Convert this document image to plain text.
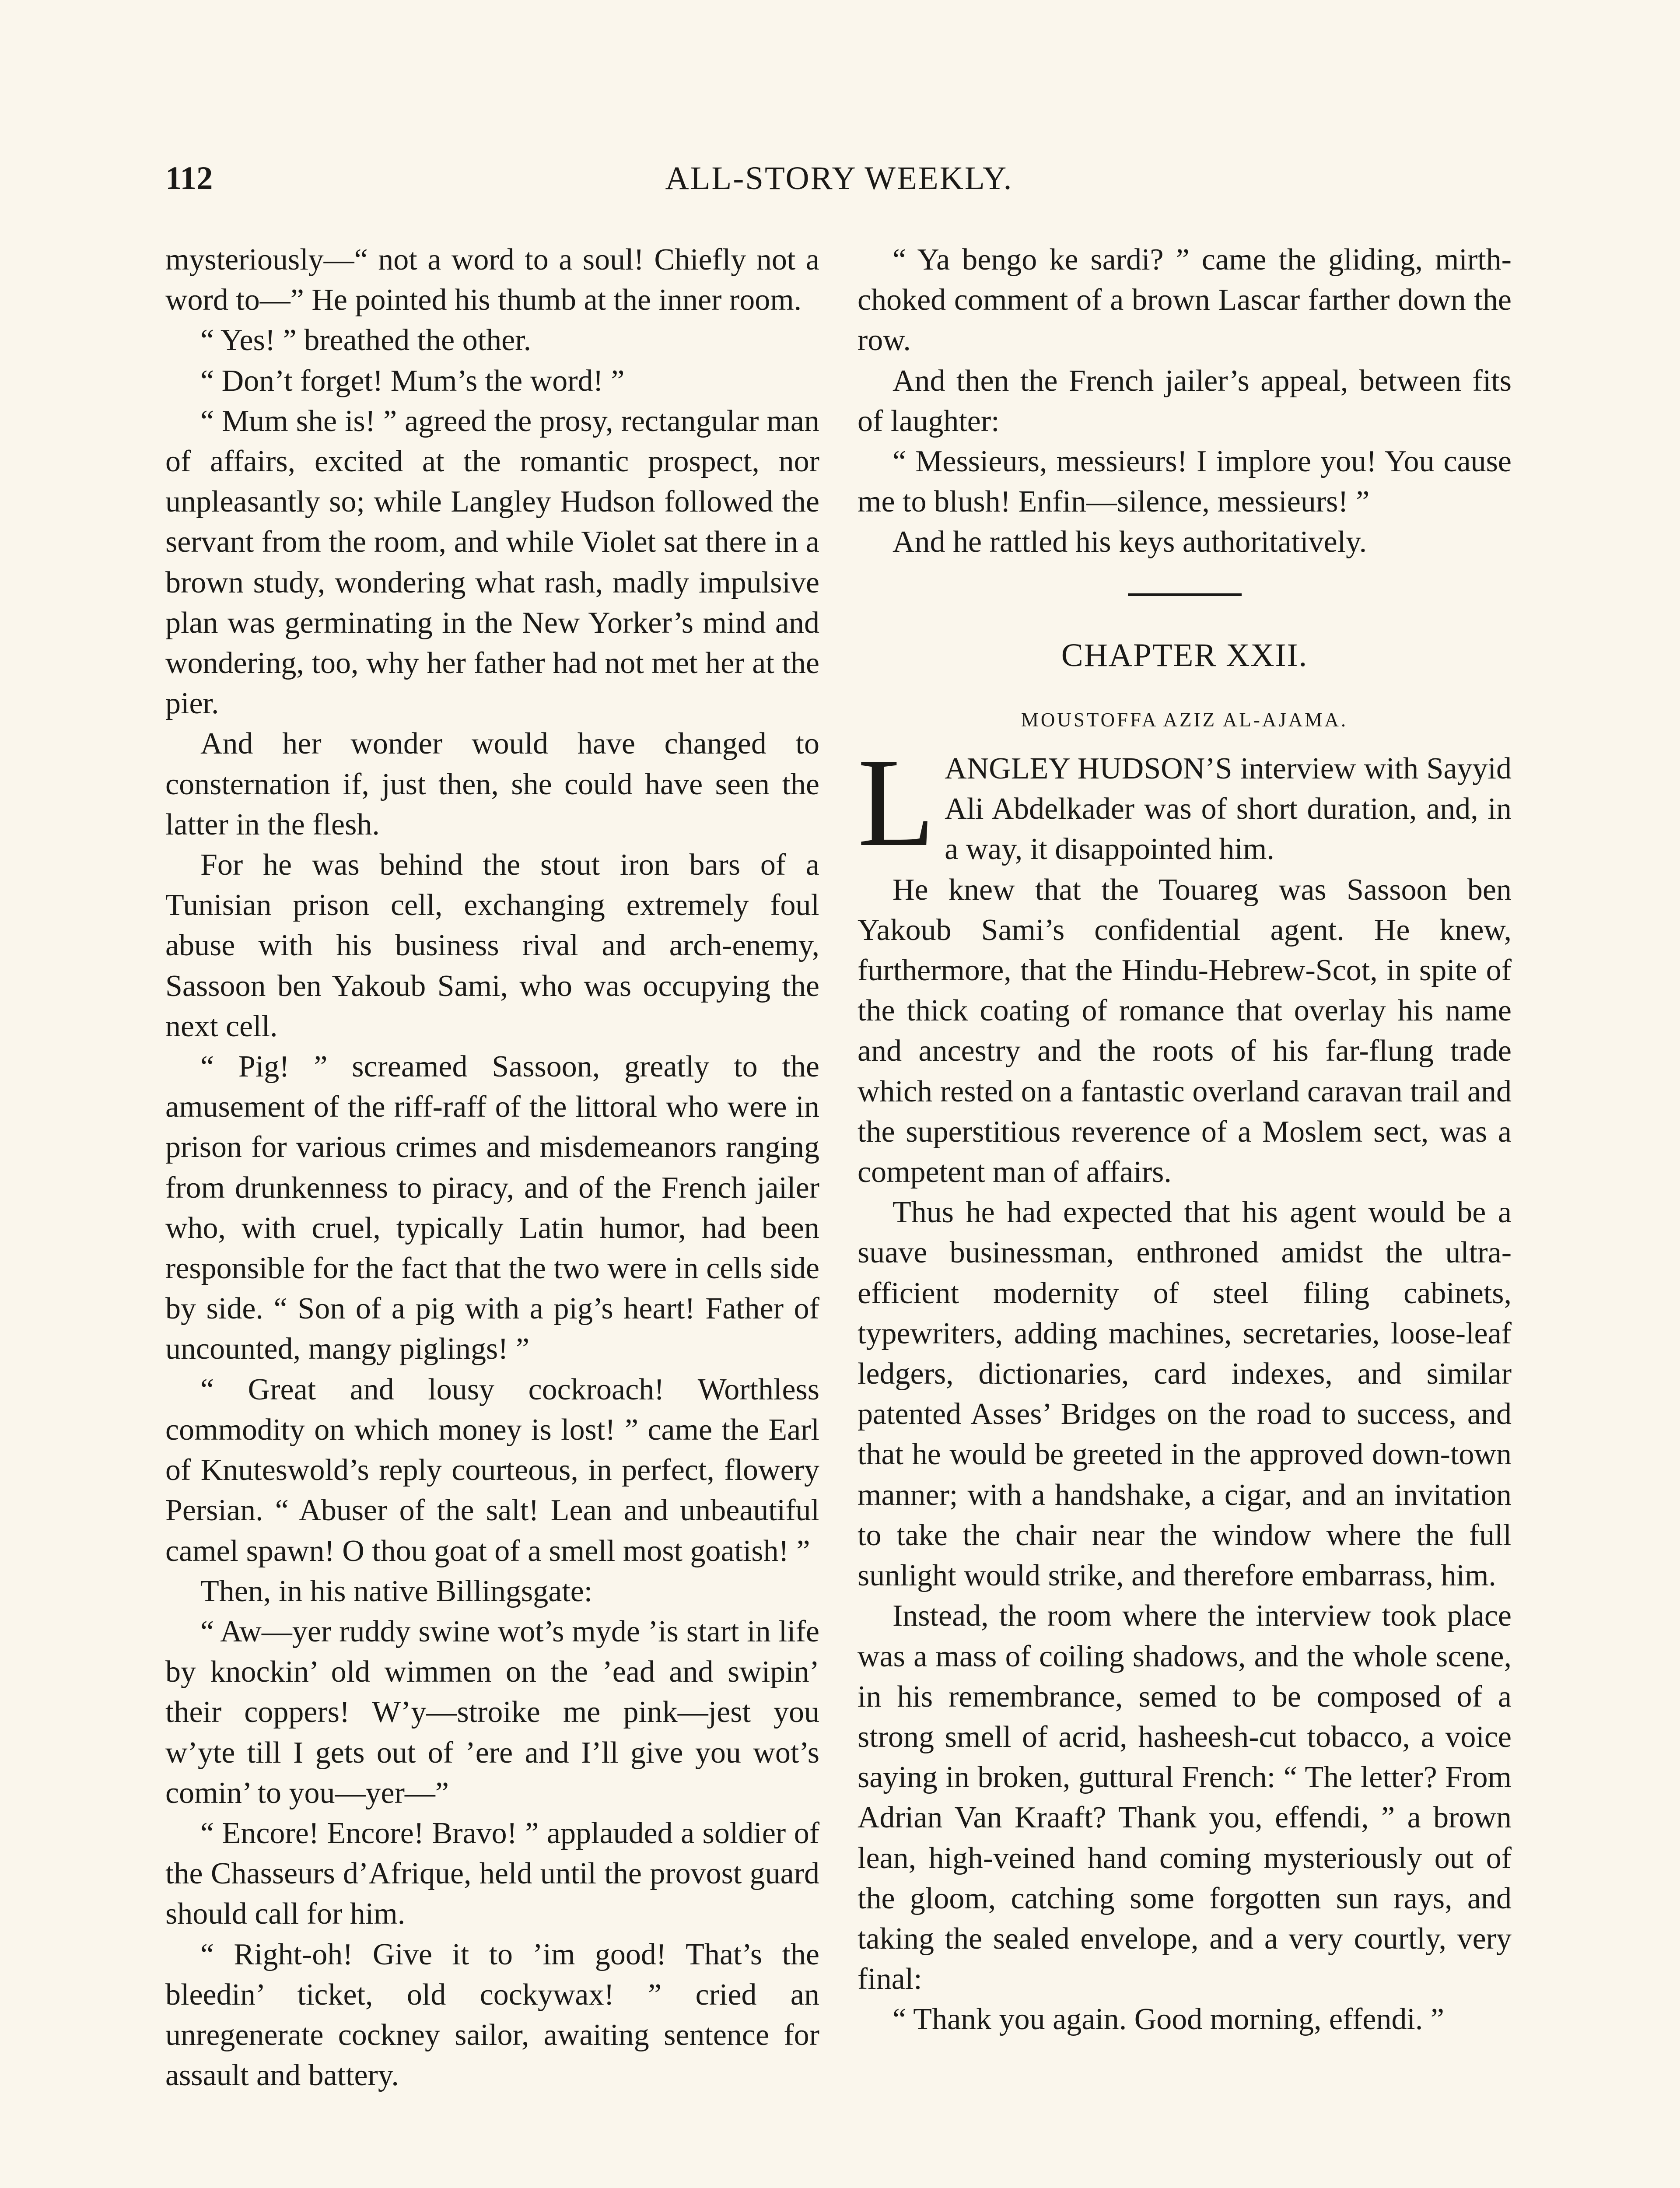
112	ALL-STORY WEEKLY.

mysteriously—“ not a word to a soul! Chiefly not a word to—” He pointed his thumb at the inner room.

“ Yes! ” breathed the other.

“ Don’t forget! Mum’s the word! ”

“ Mum she is! ” agreed the prosy, rectangular man of affairs, excited at the romantic prospect, nor unpleasantly so; while Langley Hudson followed the servant from the room, and while Violet sat there in a brown study, wondering what rash, madly impulsive plan was germinating in the New Yorker’s mind and wondering, too, why her father had not met her at the pier.

And her wonder would have changed to consternation if, just then, she could have seen the latter in the flesh.

For he was behind the stout iron bars of a Tunisian prison cell, exchanging extremely foul abuse with his business rival and arch-enemy, Sassoon ben Yakoub Sami, who was occupying the next cell.

“ Pig! ” screamed Sassoon, greatly to the amusement of the riff-raff of the littoral who were in prison for various crimes and misdemeanors ranging from drunkenness to piracy, and of the French jailer who, with cruel, typically Latin humor, had been responsible for the fact that the two were in cells side by side. “ Son of a pig with a pig’s heart! Father of uncounted, mangy piglings! ”

“ Great and lousy cockroach! Worthless commodity on which money is lost! ” came the Earl of Knuteswold’s reply courteous, in perfect, flowery Persian. “ Abuser of the salt! Lean and unbeautiful camel spawn! O thou goat of a smell most goatish! ”

Then, in his native Billingsgate:

“ Aw—yer ruddy swine wot’s myde ’is start in life by knockin’ old wimmen on the ’ead and swipin’ their coppers! W’y—stroike me pink—jest you w’yte till I gets out of ’ere and I’ll give you wot’s comin’ to you—yer—”

“ Encore! Encore! Bravo! ” applauded a soldier of the Chasseurs d’Afrique, held until the provost guard should call for him.

“ Right-oh! Give it to ’im good! That’s the bleedin’ ticket, old cockywax! ” cried an unregenerate cockney sailor, awaiting sentence for assault and battery.

“ Ya bengo ke sardi? ” came the gliding, mirth-choked comment of a brown Lascar farther down the row.

And then the French jailer’s appeal, between fits of laughter:

“ Messieurs, messieurs! I implore you! You cause me to blush! Enfin—silence, messieurs! ”

And he rattled his keys authoritatively.

CHAPTER XXII.
MOUSTOFFA AZIZ AL-AJAMA.

LANGLEY HUDSON’S interview with Sayyid Ali Abdelkader was of short duration, and, in a way, it disappointed him.

He knew that the Touareg was Sassoon ben Yakoub Sami’s confidential agent. He knew, furthermore, that the Hindu-Hebrew-Scot, in spite of the thick coating of romance that overlay his name and ancestry and the roots of his far-flung trade which rested on a fantastic overland caravan trail and the superstitious reverence of a Moslem sect, was a competent man of affairs.

Thus he had expected that his agent would be a suave businessman, enthroned amidst the ultra-efficient modernity of steel filing cabinets, typewriters, adding machines, secretaries, loose-leaf ledgers, dictionaries, card indexes, and similar patented Asses’ Bridges on the road to success, and that he would be greeted in the approved down-town manner; with a handshake, a cigar, and an invitation to take the chair near the window where the full sunlight would strike, and therefore embarrass, him.

Instead, the room where the interview took place was a mass of coiling shadows, and the whole scene, in his remembrance, semed to be composed of a strong smell of acrid, hasheesh-cut tobacco, a voice saying in broken, guttural French: “ The letter? From Adrian Van Kraaft? Thank you, effendi, ” a brown lean, high-veined hand coming mysteriously out of the gloom, catching some forgotten sun rays, and taking the sealed envelope, and a very courtly, very final:

“ Thank you again. Good morning, effendi. ”
